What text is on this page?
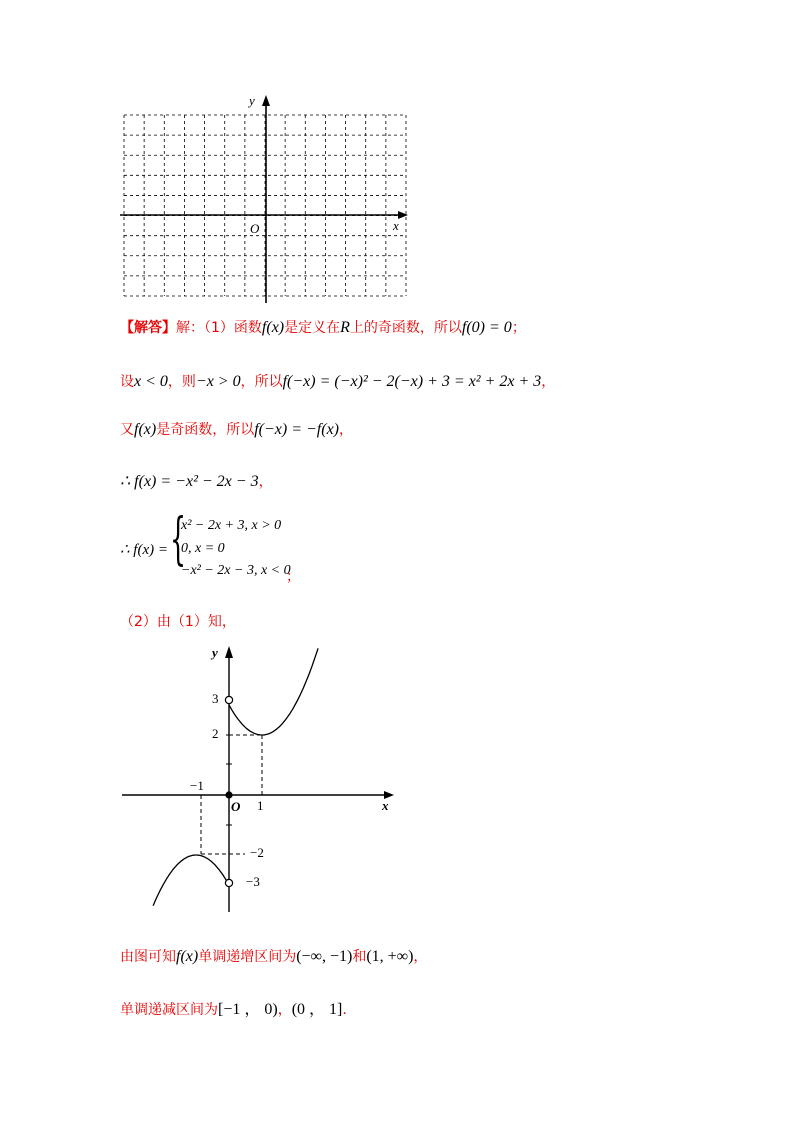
x
y
O
【解答】解：（1）函数f(x)是定义在R上的奇函数，所以f(0) = 0；
设x < 0，则−x > 0，所以f(−x) = (−x)² − 2(−x) + 3 = x² + 2x + 3，
又f(x)是奇函数，所以f(−x) = −f(x)，
∴ f(x) = −x² − 2x − 3，
∴ f(x) = {
x² − 2x + 3, x > 0
0, x = 0
−x² − 2x − 3, x < 0
；
（2）由（1）知，
y
x
O
3
2
−2
−3
−1
1
由图可知f(x)单调递增区间为(−∞, −1)和(1, +∞)，
单调递减区间为[−1 ， 0)，(0 ， 1].
